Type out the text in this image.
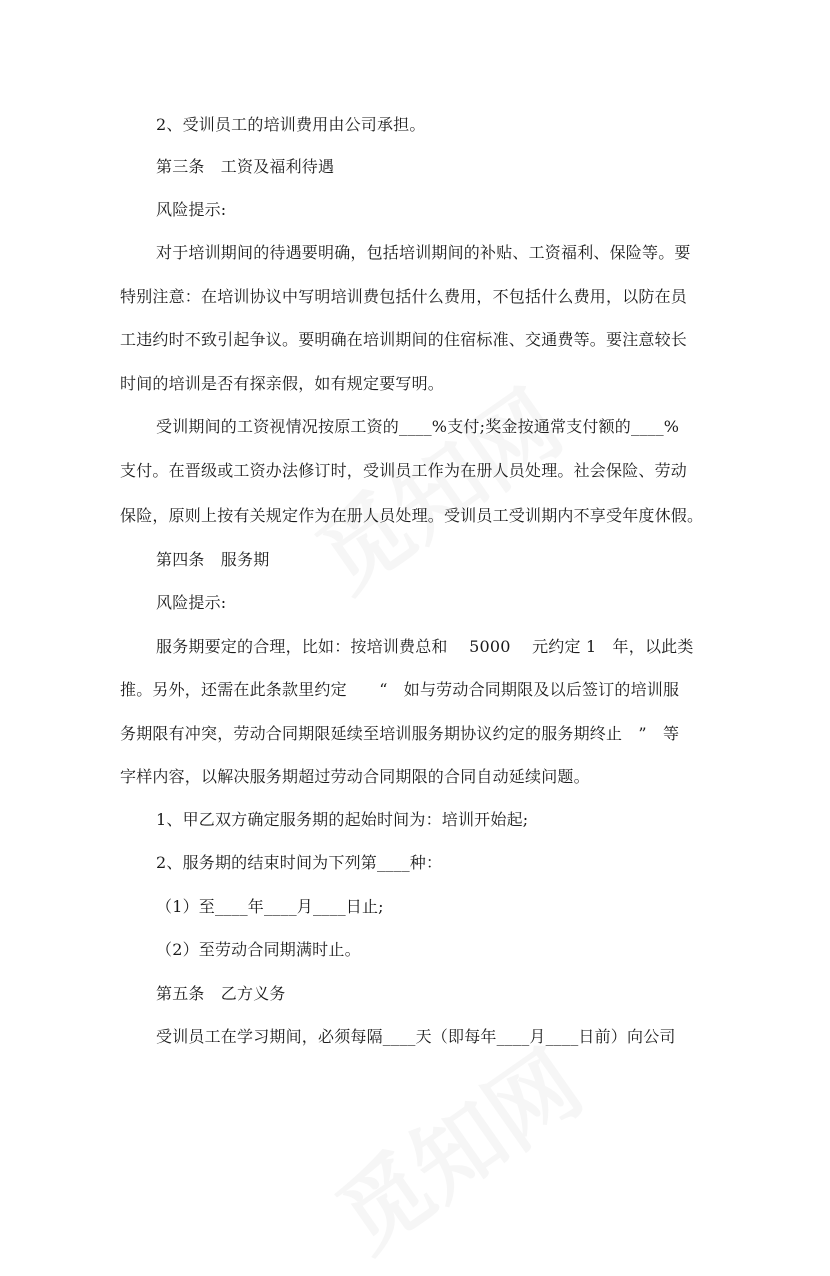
2、受训员工的培训费用由公司承担。
第三条　工资及福利待遇
风险提示:
对于培训期间的待遇要明确，包括培训期间的补贴、工资福利、保险等。要
特别注意：在培训协议中写明培训费包括什么费用，不包括什么费用，以防在员
工违约时不致引起争议。要明确在培训期间的住宿标准、交通费等。要注意较长
时间的培训是否有探亲假，如有规定要写明。
受训期间的工资视情况按原工资的____%支付;奖金按通常支付额的____%
支付。在晋级或工资办法修订时，受训员工作为在册人员处理。社会保险、劳动
保险，原则上按有关规定作为在册人员处理。受训员工受训期内不享受年度休假。
第四条　服务期
风险提示:
服务期要定的合理，比如：按培训费总和　 5000　 元约定 1　年，以此类
推。另外，还需在此条款里约定　　“　如与劳动合同期限及以后签订的培训服
务期限有冲突，劳动合同期限延续至培训服务期协议约定的服务期终止　”　等
字样内容，以解决服务期超过劳动合同期限的合同自动延续问题。
1、甲乙双方确定服务期的起始时间为：培训开始起;
2、服务期的结束时间为下列第____种：
（1）至____年____月____日止;
（2）至劳动合同期满时止。
第五条　乙方义务
受训员工在学习期间，必须每隔____天（即每年____月____日前）向公司
